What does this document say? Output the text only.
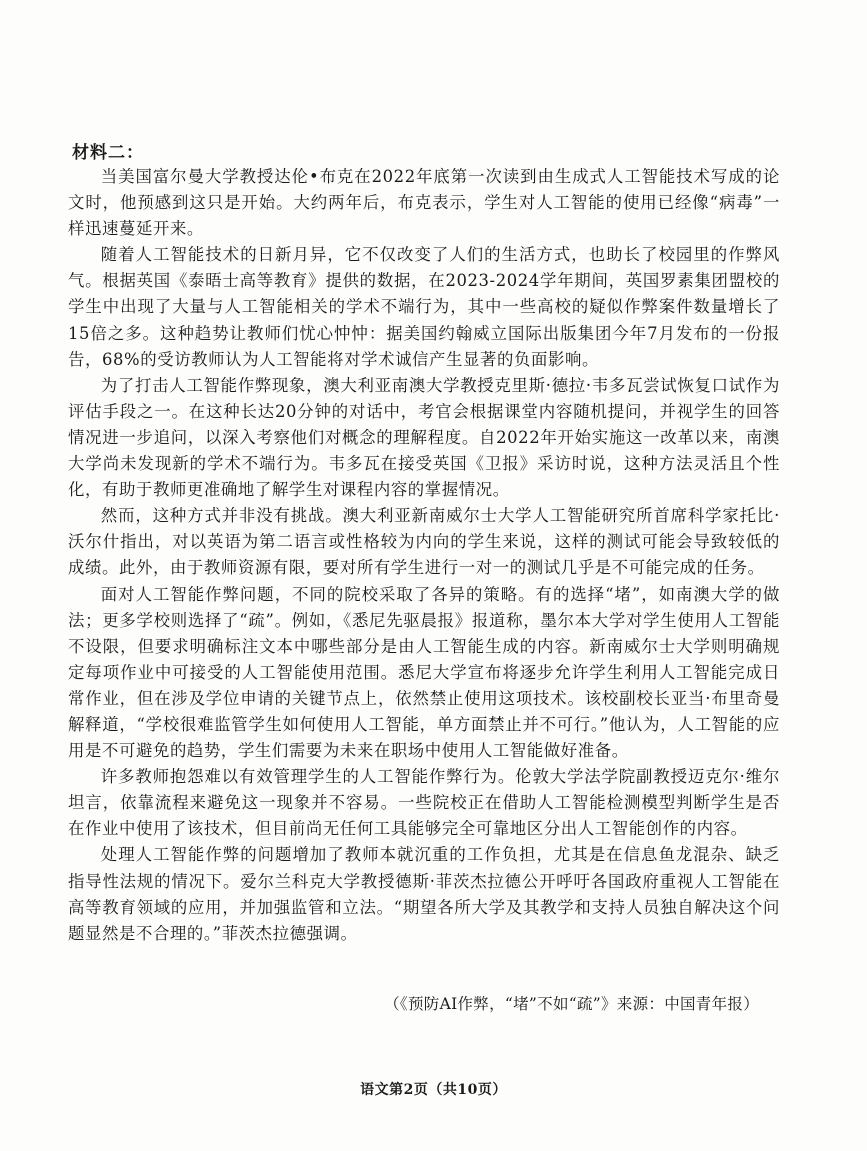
材料二：

当美国富尔曼大学教授达伦•布克在2022年底第一次读到由生成式人工智能技术写成的论文时，他预感到这只是开始。大约两年后，布克表示，学生对人工智能的使用已经像“病毒”一样迅速蔓延开来。

随着人工智能技术的日新月异，它不仅改变了人们的生活方式，也助长了校园里的作弊风气。根据英国《泰晤士高等教育》提供的数据，在2023-2024学年期间，英国罗素集团盟校的学生中出现了大量与人工智能相关的学术不端行为，其中一些高校的疑似作弊案件数量增长了15倍之多。这种趋势让教师们忧心忡忡：据美国约翰威立国际出版集团今年7月发布的一份报告，68%的受访教师认为人工智能将对学术诚信产生显著的负面影响。

为了打击人工智能作弊现象，澳大利亚南澳大学教授克里斯·德拉·韦多瓦尝试恢复口试作为评估手段之一。在这种长达20分钟的对话中，考官会根据课堂内容随机提问，并视学生的回答情况进一步追问，以深入考察他们对概念的理解程度。自2022年开始实施这一改革以来，南澳大学尚未发现新的学术不端行为。韦多瓦在接受英国《卫报》采访时说，这种方法灵活且个性化，有助于教师更准确地了解学生对课程内容的掌握情况。

然而，这种方式并非没有挑战。澳大利亚新南威尔士大学人工智能研究所首席科学家托比·沃尔什指出，对以英语为第二语言或性格较为内向的学生来说，这样的测试可能会导致较低的成绩。此外，由于教师资源有限，要对所有学生进行一对一的测试几乎是不可能完成的任务。

面对人工智能作弊问题，不同的院校采取了各异的策略。有的选择“堵”，如南澳大学的做法；更多学校则选择了“疏”。例如，《悉尼先驱晨报》报道称，墨尔本大学对学生使用人工智能不设限，但要求明确标注文本中哪些部分是由人工智能生成的内容。新南威尔士大学则明确规定每项作业中可接受的人工智能使用范围。悉尼大学宣布将逐步允许学生利用人工智能完成日常作业，但在涉及学位申请的关键节点上，依然禁止使用这项技术。该校副校长亚当·布里奇曼解释道，“学校很难监管学生如何使用人工智能，单方面禁止并不可行。”他认为，人工智能的应用是不可避免的趋势，学生们需要为未来在职场中使用人工智能做好准备。

许多教师抱怨难以有效管理学生的人工智能作弊行为。伦敦大学法学院副教授迈克尔·维尔坦言，依靠流程来避免这一现象并不容易。一些院校正在借助人工智能检测模型判断学生是否在作业中使用了该技术，但目前尚无任何工具能够完全可靠地区分出人工智能创作的内容。

处理人工智能作弊的问题增加了教师本就沉重的工作负担，尤其是在信息鱼龙混杂、缺乏指导性法规的情况下。爱尔兰科克大学教授德斯·菲茨杰拉德公开呼吁各国政府重视人工智能在高等教育领域的应用，并加强监管和立法。“期望各所大学及其教学和支持人员独自解决这个问题显然是不合理的。”菲茨杰拉德强调。

（《预防AI作弊，“堵”不如“疏”》来源：中国青年报）
语文第2页（共10页）
